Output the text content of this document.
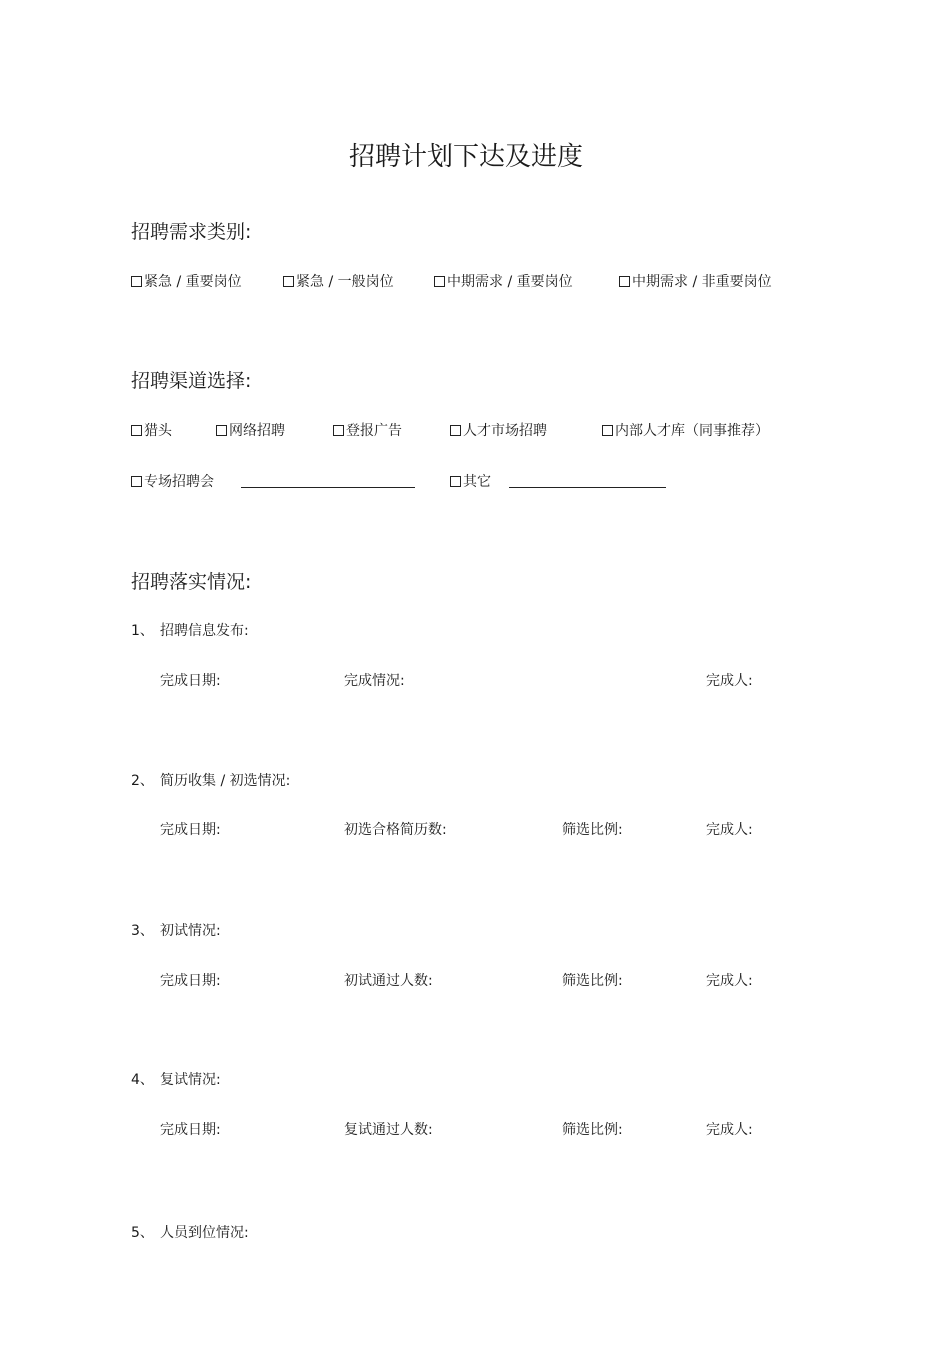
招聘计划下达及进度
招聘需求类别:
紧急 / 重要岗位	紧急 / 一般岗位	中期需求 / 重要岗位	中期需求 / 非重要岗位
招聘渠道选择:
猎头	网络招聘	登报广告	人才市场招聘	内部人才库（同事推荐）
专场招聘会	其它
招聘落实情况:
1、 招聘信息发布:
完成日期:	完成情况:	完成人:
2、 简历收集 / 初选情况:
完成日期:	初选合格简历数:	筛选比例:	完成人:
3、 初试情况:
完成日期:	初试通过人数:	筛选比例:	完成人:
4、 复试情况:
完成日期:	复试通过人数:	筛选比例:	完成人:
5、 人员到位情况:
